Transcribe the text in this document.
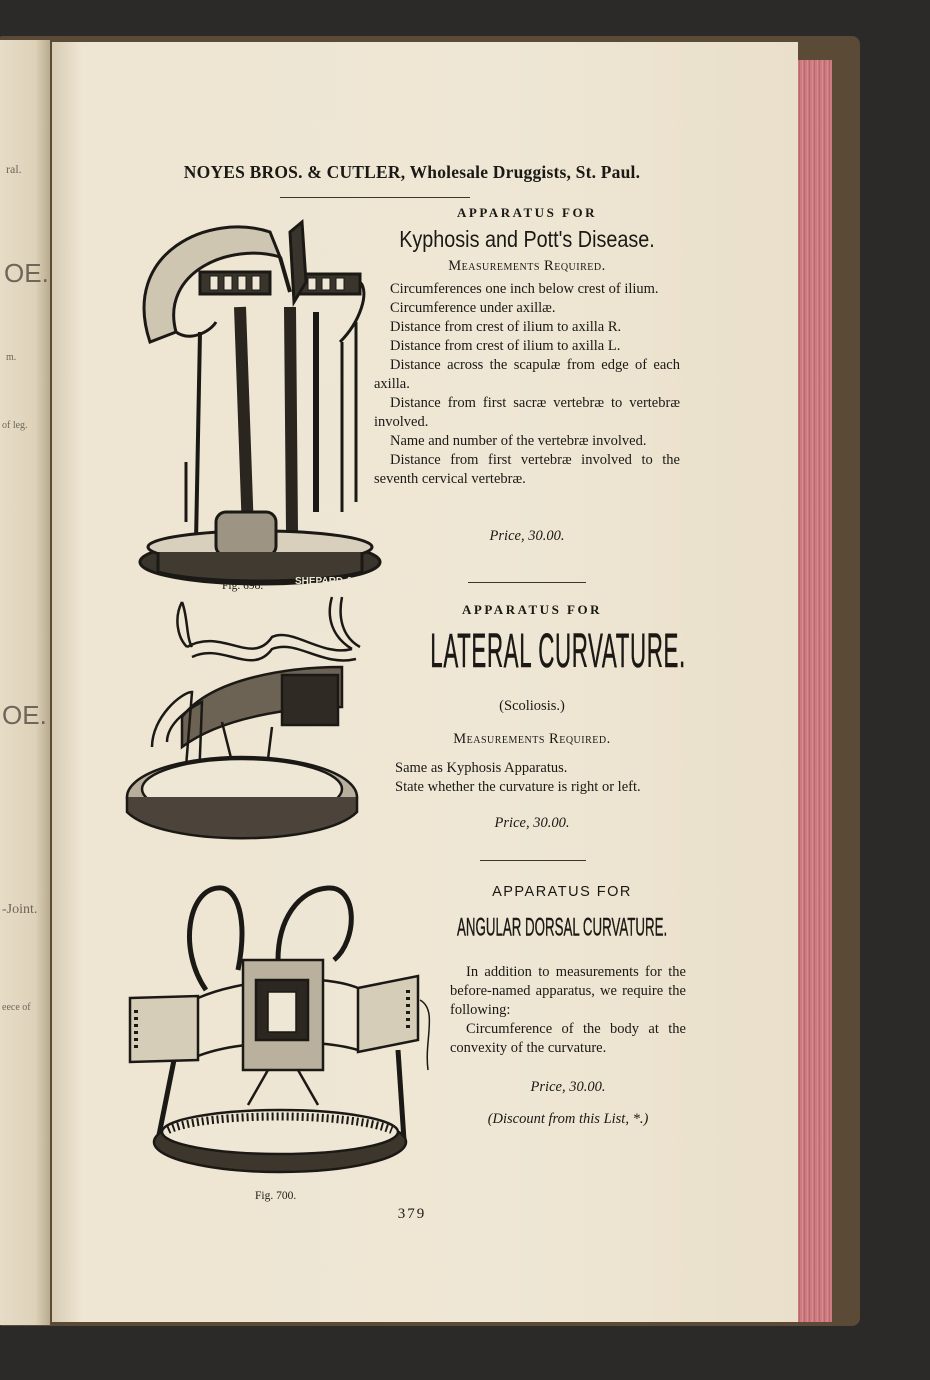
ral.
OE.
m.
of leg.
OE.
-Joint.
eece of
NOYES BROS. & CUTLER, Wholesale Druggists, St. Paul.
APPARATUS FOR
Kyphosis and Pott's Disease.
Measurements Required.

Circumferences one inch below crest of ilium.

Circumference under axillæ.

Distance from crest of ilium to axilla R.

Distance from crest of ilium to axilla L.

Distance across the scapulæ from edge of each axilla.

Distance from first sacræ vertebræ to vertebræ involved.

Name and number of the vertebræ involved.

Distance from first vertebræ involved to the seventh cervical vertebræ.

Price, 30.00.
SHEPARD & DUDLEY N.Y.
Fig. 698.
APPARATUS FOR
LATERAL CURVATURE.
(Scoliosis.)
Measurements Required.

Same as Kyphosis Apparatus.

State whether the curvature is right or left.

Price, 30.00.
APPARATUS FOR
ANGULAR DORSAL CURVATURE.

In addition to measurements for the before-named apparatus, we require the following:

Circumference of the body at the convexity of the curvature.

Price, 30.00.
(Discount from this List, *.)
Fig. 700.
379
